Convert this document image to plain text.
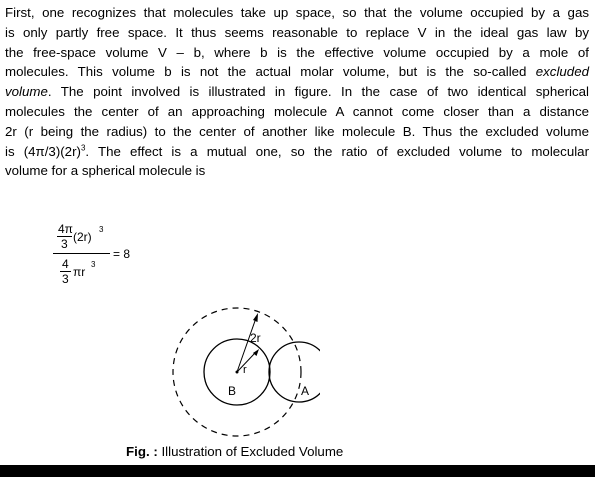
First, one recognizes that molecules take up space, so that the volume occupied by a gas
is only partly free space. It thus seems reasonable to replace V in the ideal gas law by
the free-space volume V – b, where b is the effective volume occupied by a mole of
molecules. This volume b is not the actual molar volume, but is the so-called excluded
volume. The point involved is illustrated in figure. In the case of two identical spherical
molecules the center of an approaching molecule A cannot come closer than a distance
2r (r being the radius) to the center of another like molecule B. Thus the excluded volume
is $(4\pi/3)(2r)^3$. The effect is a mutual one, so the ratio of excluded volume to molecular
volume for a spherical molecule is
4π
3 (2r)
3
= 8
4
3 πr
3
2r
r
B	A
Fig. : Illustration of Excluded Volume
